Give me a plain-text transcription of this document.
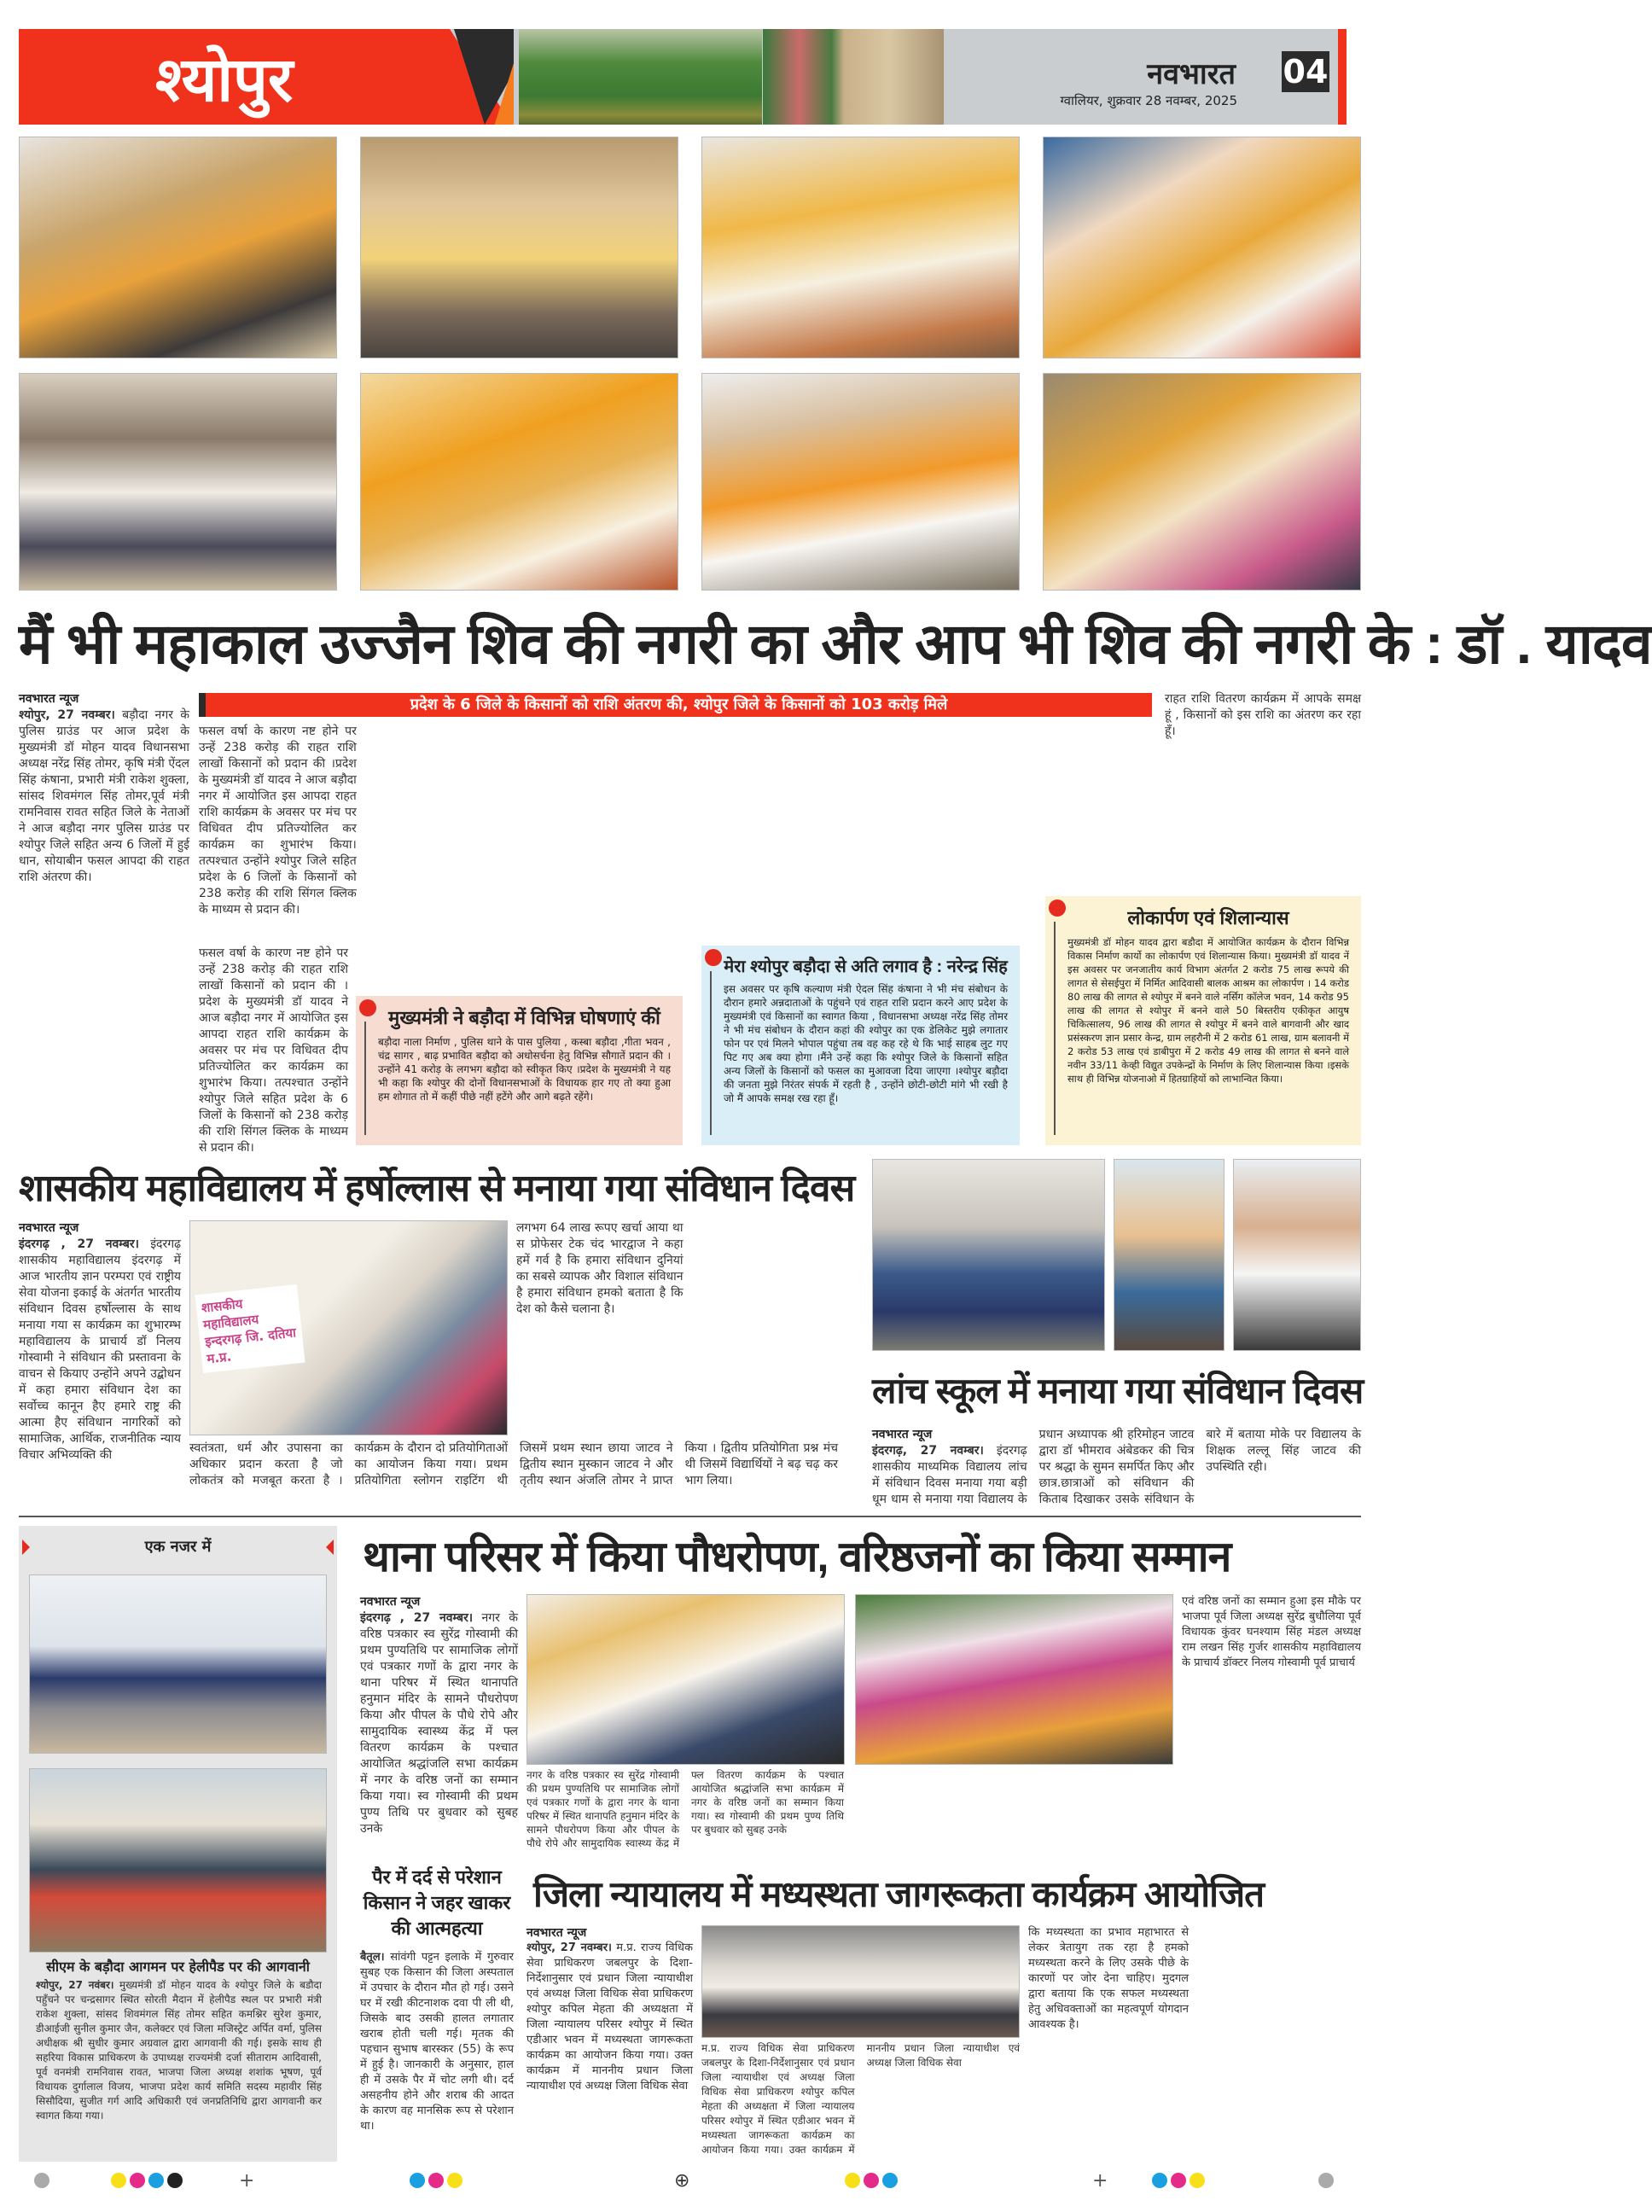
श्योपुर	नवभारत
ग्वालियर, शुक्रवार 28 नवम्बर, 2025
04
मैं भी महाकाल उज्जैन शिव की नगरी का और आप भी शिव की नगरी के : डॉ . यादव
नवभारत न्यूज
श्योपुर, 27 नवम्बर। बड़ौदा नगर के पुलिस ग्राउंड पर आज प्रदेश के मुख्यमंत्री डॉ मोहन यादव विधानसभा अध्यक्ष नरेंद्र सिंह तोमर, कृषि मंत्री ऐंदल सिंह कंषाना, प्रभारी मंत्री राकेश शुक्ला, सांसद शिवमंगल सिंह तोमर,पूर्व मंत्री रामनिवास रावत सहित जिले के नेताओं ने आज बड़ौदा नगर पुलिस ग्राउंड पर श्योपुर जिले सहित अन्य 6 जिलों में हुई धान, सोयाबीन फसल आपदा की राहत राशि अंतरण की।
प्रदेश के 6 जिले के किसानों को राशि अंतरण की, श्योपुर जिले के किसानों को 103 करोड़ मिले
फसल वर्षा के कारण नष्ट होने पर उन्हें 238 करोड़ की राहत राशि लाखों किसानों को प्रदान की ।प्रदेश के मुख्यमंत्री डॉ यादव ने आज बड़ौदा नगर में आयोजित इस आपदा राहत राशि कार्यक्रम के अवसर पर मंच पर विधिवत दीप प्रतिज्योलित कर कार्यक्रम का शुभारंभ किया। तत्पश्चात उन्होंने श्योपुर जिले सहित प्रदेश के 6 जिलों के किसानों को 238 करोड़ की राशि सिंगल क्लिक के माध्यम से प्रदान की।
फसल वर्षा के कारण नष्ट होने पर उन्हें 238 करोड़ की राहत राशि लाखों किसानों को प्रदान की ।प्रदेश के मुख्यमंत्री डॉ यादव ने आज बड़ौदा नगर में आयोजित इस आपदा राहत राशि कार्यक्रम के अवसर पर मंच पर विधिवत दीप प्रतिज्योलित कर कार्यक्रम का शुभारंभ किया। तत्पश्चात उन्होंने श्योपुर जिले सहित प्रदेश के 6 जिलों के किसानों को 238 करोड़ की राशि सिंगल क्लिक के माध्यम से प्रदान की।
राहत राशि वितरण कार्यक्रम में आपके समक्ष हूं , किसानों को इस राशि का अंतरण कर रहा हूँ।
मुख्यमंत्री ने बड़ौदा में विभिन्न घोषणाएं कीं

बड़ौदा नाला निर्माण , पुलिस थाने के पास पुलिया , कस्बा बड़ौदा ,गीता भवन , चंद्र सागर , बाढ़ प्रभावित बड़ौदा को अधोसर्चना हेतु विभिन्न सौगातें प्रदान की ।उन्होंने 41 करोड़ के लगभग बड़ौदा को स्वीकृत किए ।प्रदेश के मुख्यमंत्री ने यह भी कहा कि श्योपुर की दोनों विधानसभाओं के विधायक हार गए तो क्या हुआ हम शोगात तो में कहीं पीछे नहीं हटेंगे और आगे बढ़ते रहेंगे।

मेरा श्योपुर बड़ौदा से अति लगाव है : नरेन्द्र सिंह

इस अवसर पर कृषि कल्याण मंत्री ऐदल सिंह कंषाना ने भी मंच संबोधन के दौरान हमारे अन्नदाताओं के पहुंचने एवं राहत राशि प्रदान करने आए प्रदेश के मुख्यमंत्री एवं किसानों का स्वागत किया , विधानसभा अध्यक्ष नरेंद्र सिंह तोमर ने भी मंच संबोधन के दौरान कहां की श्योपुर का एक डेलिकेट मुझे लगातार फोन पर एवं मिलने भोपाल पहुंचा तब वह कह रहे थे कि भाई साहब लुट गए पिट गए अब क्या होगा ।मैंने उन्हें कहा कि श्योपुर जिले के किसानों सहित अन्य जिलों के किसानों को फसल का मुआवजा दिया जाएगा ।श्योपुर बड़ौदा की जनता मुझे निरंतर संपर्क में रहती है , उन्होंने छोटी-छोटी मांगे भी रखी है जो मैं आपके समक्ष रख रहा हूँ।

लोकार्पण एवं शिलान्यास

मुख्यमंत्री डॉ मोहन यादव द्वारा बडौदा में आयोजित कार्यक्रम के दौरान विभिन्न विकास निर्माण कार्यो का लोकार्पण एवं शिलान्यास किया। मुख्यमंत्री डॉ यादव नें इस अवसर पर जनजातीय कार्य विभाग अंतर्गत 2 करोड 75 लाख रूपये की लागत से सेसईपुरा में निर्मित आदिवासी बालक आश्रम का लोकार्पण । 14 करोड 80 लाख की लागत से श्योपुर में बनने वाले नर्सिग कॉलेज भवन, 14 करोड 95 लाख की लागत से श्योपुर में बनने वाले 50 बिस्तरीय एकीकृत आयुष चिकित्सालय, 96 लाख की लागत से श्योपुर में बनने वाले बागवानी और खाद प्रसंस्करण ज्ञान प्रसार केन्द्र, ग्राम लहरौनी में 2 करोड 61 लाख, ग्राम बलावनी में 2 करोड 53 लाख एवं डाबीपुरा में 2 करोड 49 लाख की लागत से बनने वाले नवीन 33/11 केव्ही विद्युत उपकेन्द्रों के निर्माण के लिए शिलान्यास किया ।इसके साथ ही विभिन्न योजनाओ में हितग्राहियों को लाभान्वित किया।

शासकीय महाविद्यालय में हर्षोल्लास से मनाया गया संविधान दिवस
नवभारत न्यूज
इंदरगढ़ , 27 नवम्बर। इंदरगढ़ शासकीय महाविद्यालय इंदरगढ़ में आज भारतीय ज्ञान परम्परा एवं राष्ट्रीय सेवा योजना इकाई के अंतर्गत भारतीय संविधान दिवस हर्षोल्लास के साथ मनाया गया स कार्यक्रम का शुभारम्भ महाविद्यालय के प्राचार्य डॉ निलय गोस्वामी ने संविधान की प्रस्तावना के वाचन से कियाए उन्होंने अपने उद्बोधन में कहा हमारा संविधान देश का सर्वोच्च कानून हैए हमारे राष्ट्र की आत्मा हैए संविधान नागरिकों को सामाजिक, आर्थिक, राजनीतिक न्याय विचार अभिव्यक्ति की
शासकीय महाविद्यालय इन्दरगढ़ जि. दतिया म.प्र.
स्वतंत्रता, धर्म और उपासना का अधिकार प्रदान करता है जो लोकतंत्र को मजबूत करता है । कार्यक्रम के दौरान दो प्रतियोगिताओं का आयोजन किया गया। प्रथम प्रतियोगिता स्लोगन राइटिंग थी जिसमें प्रथम स्थान छाया जाटव ने द्वितीय स्थान मुस्कान जाटव ने और तृतीय स्थान अंजलि तोमर ने प्राप्त किया । द्वितीय प्रतियोगिता प्रश्न मंच थी जिसमें विद्यार्थियों ने बढ़ चढ़ कर भाग लिया।
लगभग 64 लाख रूपए खर्चा आया था स प्रोफेसर टेक चंद भारद्वाज ने कहा हमें गर्व है कि हमारा संविधान दुनियां का सबसे व्यापक और विशाल संविधान है हमारा संविधान हमको बताता है कि देश को कैसे चलाना है।
लांच स्कूल में मनाया गया संविधान दिवस
नवभारत न्यूज
इंदरगढ़, 27 नवम्बर। इंदरगढ़ शासकीय माध्यमिक विद्यालय लांच में संविधान दिवस मनाया गया बड़ी धूम धाम से मनाया गया विद्यालय के प्रधान अध्यापक श्री हरिमोहन जाटव द्वारा डॉ भीमराव अंबेडकर की चित्र पर श्रद्धा के सुमन समर्पित किए और छात्र.छात्राओं को संविधान की किताब दिखाकर उसके संविधान के बारे में बताया मोके पर विद्यालय के शिक्षक लल्लू सिंह जाटव की उपस्थिति रही।
एक नजर में
सीएम के बड़ौदा आगमन पर हेलीपैड पर की आगवानी
श्योपुर, 27 नवंबर। मुख्यमंत्री डॉ मोहन यादव के श्योपुर जिले के बडौदा पहुँचने पर चन्द्रसागर स्थित सोरती मैदान में हेलीपैड स्थल पर प्रभारी मंत्री राकेश शुक्ला, सांसद शिवमंगल सिंह तोमर सहित कमश्निर सुरेश कुमार, डीआईजी सुनील कुमार जैन, कलेक्टर एवं जिला मजिस्ट्रेट अर्पित वर्मा, पुलिस अधीक्षक श्री सुधीर कुमार अग्रवाल द्वारा आगवानी की गई। इसके साथ ही सहरिया विकास प्राधिकरण के उपाध्यक्ष राज्यमंत्री दर्जा सीताराम आदिवासी, पूर्व वनमंत्री रामनिवास रावत, भाजपा जिला अध्यक्ष शशांक भूषण, पूर्व विधायक दुर्गालाल विजय, भाजपा प्रदेश कार्य समिति सदस्य महावीर सिंह सिसौदिया, सुजीत गर्ग आदि अधिकारी एवं जनप्रतिनिधि द्वारा आगवानी कर स्वागत किया गया।
थाना परिसर में किया पौधरोपण, वरिष्ठजनों का किया सम्मान
नवभारत न्यूज
इंदरगढ़ , 27 नवम्बर। नगर के वरिष्ठ पत्रकार स्व सुरेंद्र गोस्वामी की प्रथम पुण्यतिथि पर सामाजिक लोगों एवं पत्रकार गणों के द्वारा नगर के थाना परिषर में स्थित थानापति हनुमान मंदिर के सामने पौधरोपण किया और पीपल के पौधे रोपे और सामुदायिक स्वास्थ्य केंद्र में फ्ल वितरण कार्यक्रम के पश्चात आयोजित श्रद्धांजलि सभा कार्यक्रम में नगर के वरिष्ठ जनों का सम्मान किया गया। स्व गोस्वामी की प्रथम पुण्य तिथि पर बुधवार को सुबह उनके
नगर के वरिष्ठ पत्रकार स्व सुरेंद्र गोस्वामी की प्रथम पुण्यतिथि पर सामाजिक लोगों एवं पत्रकार गणों के द्वारा नगर के थाना परिषर में स्थित थानापति हनुमान मंदिर के सामने पौधरोपण किया और पीपल के पौधे रोपे और सामुदायिक स्वास्थ्य केंद्र में फ्ल वितरण कार्यक्रम के पश्चात आयोजित श्रद्धांजलि सभा कार्यक्रम में नगर के वरिष्ठ जनों का सम्मान किया गया। स्व गोस्वामी की प्रथम पुण्य तिथि पर बुधवार को सुबह उनके
एवं वरिष्ठ जनों का सम्मान हुआ इस मौके पर भाजपा पूर्व जिला अध्यक्ष सुरेंद्र बुधौलिया पूर्व विधायक कुंवर घनश्याम सिंह मंडल अध्यक्ष राम लखन सिंह गुर्जर शासकीय महाविद्यालय के प्राचार्य डॉक्टर निलय गोस्वामी पूर्व प्राचार्य
पैर में दर्द से परेशान किसान ने जहर खाकर की आत्महत्या
बैतूल। सांवंगी पट्टन इलाके में गुरुवार सुबह एक किसान की जिला अस्पताल में उपचार के दौरान मौत हो गई। उसने घर में रखी कीटनाशक दवा पी ली थी, जिसके बाद उसकी हालत लगातार खराब होती चली गई। मृतक की पहचान सुभाष बारस्कर (55) के रूप में हुई है। जानकारी के अनुसार, हाल ही में उसके पैर में चोट लगी थी। दर्द असहनीय होने और शराब की आदत के कारण वह मानसिक रूप से परेशान था।
जिला न्यायालय में मध्यस्थता जागरूकता कार्यक्रम आयोजित
नवभारत न्यूज
श्योपुर, 27 नवम्बर। म.प्र. राज्य विधिक सेवा प्राधिकरण जबलपुर के दिशा-निर्देशानुसार एवं प्रधान जिला न्यायाधीश एवं अध्यक्ष जिला विधिक सेवा प्राधिकरण श्योपुर कपिल मेहता की अध्यक्षता में जिला न्यायालय परिसर श्योपुर में स्थित एडीआर भवन में मध्यस्थता जागरूकता कार्यक्रम का आयोजन किया गया। उक्त कार्यक्रम में माननीय प्रधान जिला न्यायाधीश एवं अध्यक्ष जिला विधिक सेवा
म.प्र. राज्य विधिक सेवा प्राधिकरण जबलपुर के दिशा-निर्देशानुसार एवं प्रधान जिला न्यायाधीश एवं अध्यक्ष जिला विधिक सेवा प्राधिकरण श्योपुर कपिल मेहता की अध्यक्षता में जिला न्यायालय परिसर श्योपुर में स्थित एडीआर भवन में मध्यस्थता जागरूकता कार्यक्रम का आयोजन किया गया। उक्त कार्यक्रम में माननीय प्रधान जिला न्यायाधीश एवं अध्यक्ष जिला विधिक सेवा
कि मध्यस्थता का प्रभाव महाभारत से लेकर त्रेतायुग तक रहा है हमको मध्यस्थता करने के लिए उसके पीछे के कारणों पर जोर देना चाहिए। मुदगल द्वारा बताया कि एक सफल मध्यस्थता हेतु अधिवक्ताओं का महत्वपूर्ण योगदान आवश्यक है।
+	⊕	+
